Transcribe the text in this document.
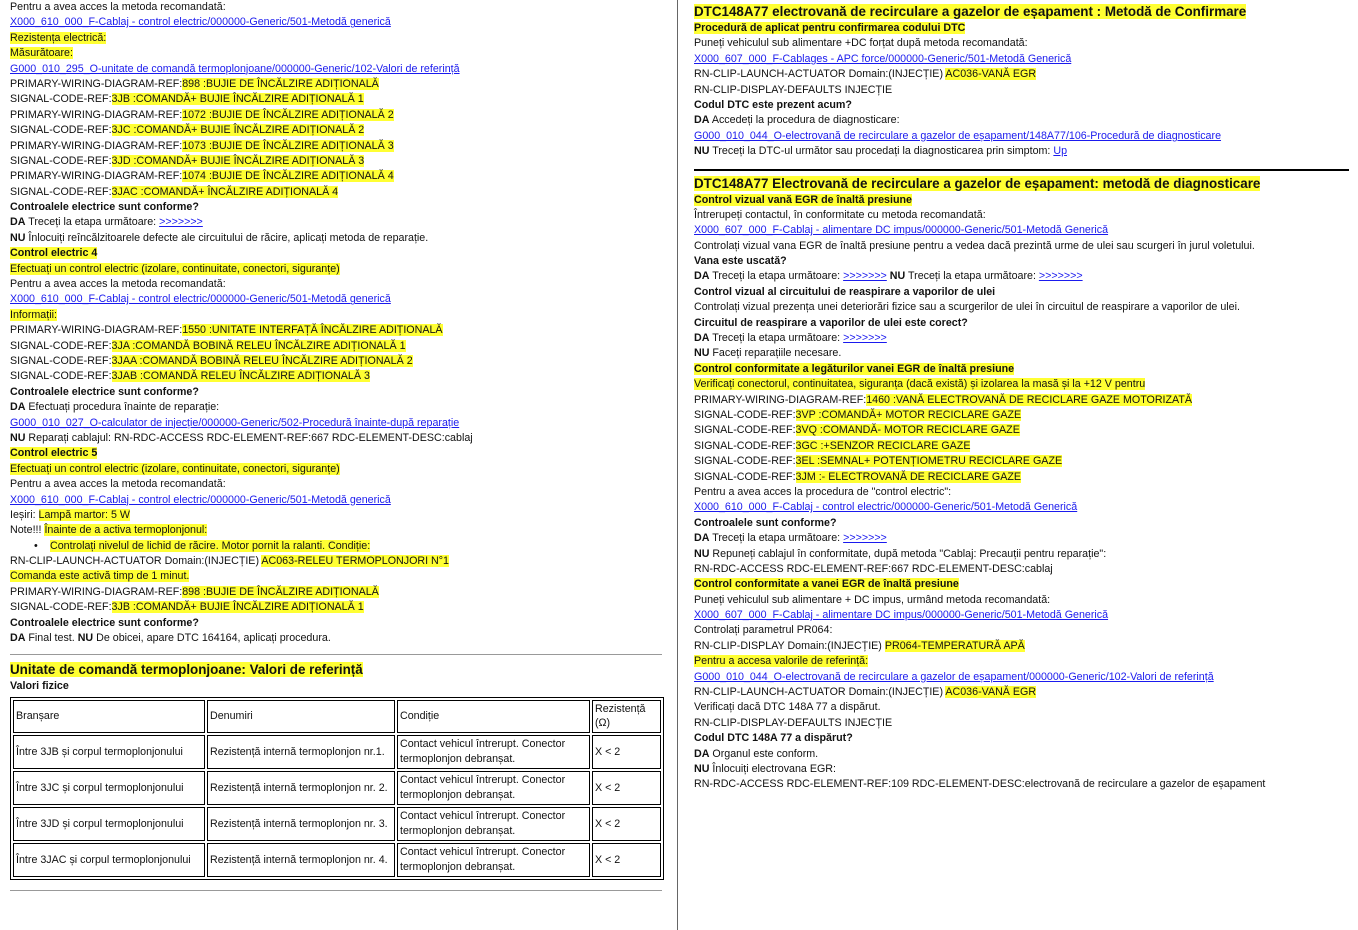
Pentru a avea acces la metoda recomandată:
X000_610_000_F-Cablaj - control electric/000000-Generic/501-Metodă generică
Rezistența electrică:
Măsurătoare:
G000_010_295_O-unitate de comandă termoplonjoane/000000-Generic/102-Valori de referință
PRIMARY-WIRING-DIAGRAM-REF:898 :BUJIE DE ÎNCĂLZIRE ADIȚIONALĂ
SIGNAL-CODE-REF:3JB :COMANDĂ+ BUJIE ÎNCĂLZIRE ADIȚIONALĂ 1
PRIMARY-WIRING-DIAGRAM-REF:1072 :BUJIE DE ÎNCĂLZIRE ADIȚIONALĂ 2
SIGNAL-CODE-REF:3JC :COMANDĂ+ BUJIE ÎNCĂLZIRE ADIȚIONALĂ 2
PRIMARY-WIRING-DIAGRAM-REF:1073 :BUJIE DE ÎNCĂLZIRE ADIȚIONALĂ 3
SIGNAL-CODE-REF:3JD :COMANDĂ+ BUJIE ÎNCĂLZIRE ADIȚIONALĂ 3
PRIMARY-WIRING-DIAGRAM-REF:1074 :BUJIE DE ÎNCĂLZIRE ADIȚIONALĂ 4
SIGNAL-CODE-REF:3JAC :COMANDĂ+ ÎNCĂLZIRE ADIȚIONALĂ 4
Controalele electrice sunt conforme?
DA Treceți la etapa următoare: >>>>>>>
NU Înlocuiți reîncălzitoarele defecte ale circuitului de răcire, aplicați metoda de reparație.
Control electric 4
Efectuați un control electric (izolare, continuitate, conectori, siguranțe)
Pentru a avea acces la metoda recomandată:
X000_610_000_F-Cablaj - control electric/000000-Generic/501-Metodă generică
Informații:
PRIMARY-WIRING-DIAGRAM-REF:1550 :UNITATE INTERFAȚĂ ÎNCĂLZIRE ADIȚIONALĂ
SIGNAL-CODE-REF:3JA :COMANDĂ BOBINĂ RELEU ÎNCĂLZIRE ADIȚIONALĂ 1
SIGNAL-CODE-REF:3JAA :COMANDĂ BOBINĂ RELEU ÎNCĂLZIRE ADIȚIONALĂ 2
SIGNAL-CODE-REF:3JAB :COMANDĂ RELEU ÎNCĂLZIRE ADIȚIONALĂ 3
Controalele electrice sunt conforme?
DA Efectuați procedura înainte de reparație:
G000_010_027_O-calculator de injecție/000000-Generic/502-Procedură înainte-după reparație
NU Reparați cablajul: RN-RDC-ACCESS RDC-ELEMENT-REF:667 RDC-ELEMENT-DESC:cablaj
Control electric 5
Efectuați un control electric (izolare, continuitate, conectori, siguranțe)
Pentru a avea acces la metoda recomandată:
X000_610_000_F-Cablaj - control electric/000000-Generic/501-Metodă generică
Ieșiri: Lampă martor: 5 W
Note!!! Înainte de a activa termoplonjonul:
• Controlați nivelul de lichid de răcire. Motor pornit la ralanti. Condiție:
RN-CLIP-LAUNCH-ACTUATOR Domain:(INJECȚIE) AC063-RELEU TERMOPLONJORI N°1
Comanda este activă timp de 1 minut.
PRIMARY-WIRING-DIAGRAM-REF:898 :BUJIE DE ÎNCĂLZIRE ADIȚIONALĂ
SIGNAL-CODE-REF:3JB :COMANDĂ+ BUJIE ÎNCĂLZIRE ADIȚIONALĂ 1
Controalele electrice sunt conforme?
DA Final test. NU De obicei, apare DTC 164164, aplicați procedura.
Unitate de comandă termoplonjoane: Valori de referință
Valori fizice
Branșare	Denumiri	Condiție	Rezistență (Ω)
Între 3JB și corpul termoplonjonului	Rezistență internă termoplonjon nr.1.	Contact vehicul întrerupt. Conector termoplonjon debranșat.	X < 2
Între 3JC și corpul termoplonjonului	Rezistență internă termoplonjon nr. 2.	Contact vehicul întrerupt. Conector termoplonjon debranșat.	X < 2
Între 3JD și corpul termoplonjonului	Rezistență internă termoplonjon nr. 3.	Contact vehicul întrerupt. Conector termoplonjon debranșat.	X < 2
Între 3JAC și corpul termoplonjonului	Rezistență internă termoplonjon nr. 4.	Contact vehicul întrerupt. Conector termoplonjon debranșat.	X < 2
DTC148A77 electrovană de recirculare a gazelor de eșapament : Metodă de Confirmare
Procedură de aplicat pentru confirmarea codului DTC
Puneți vehiculul sub alimentare +DC forțat după metoda recomandată:
X000_607_000_F-Cablages - APC force/000000-Generic/501-Metodă Generică
RN-CLIP-LAUNCH-ACTUATOR Domain:(INJECȚIE) AC036-VANĂ EGR
RN-CLIP-DISPLAY-DEFAULTS INJECȚIE
Codul DTC este prezent acum?
DA Accedeți la procedura de diagnosticare:
G000_010_044_O-electrovană de recirculare a gazelor de eșapament/148A77/106-Procedură de diagnosticare
NU Treceți la DTC-ul următor sau procedați la diagnosticarea prin simptom: Up
DTC148A77 Electrovană de recirculare a gazelor de eșapament: metodă de diagnosticare
Control vizual vană EGR de înaltă presiune
Întrerupeți contactul, în conformitate cu metoda recomandată:
X000_607_000_F-Cablaj - alimentare DC impus/000000-Generic/501-Metodă Generică
Controlați vizual vana EGR de înaltă presiune pentru a vedea dacă prezintă urme de ulei sau scurgeri în jurul voletului.
Vana este uscată?
DA Treceți la etapa următoare: >>>>>>> NU Treceți la etapa următoare: >>>>>>>
Control vizual al circuitului de reaspirare a vaporilor de ulei
Controlați vizual prezența unei deteriorări fizice sau a scurgerilor de ulei în circuitul de reaspirare a vaporilor de ulei.
Circuitul de reaspirare a vaporilor de ulei este corect?
DA Treceți la etapa următoare: >>>>>>>
NU Faceți reparațiile necesare.
Control conformitate a legăturilor vanei EGR de înaltă presiune
Verificați conectorul, continuitatea, siguranța (dacă există) și izolarea la masă și la +12 V pentru
PRIMARY-WIRING-DIAGRAM-REF:1460 :VANĂ ELECTROVANĂ DE RECICLARE GAZE MOTORIZATĂ
SIGNAL-CODE-REF:3VP :COMANDĂ+ MOTOR RECICLARE GAZE
SIGNAL-CODE-REF:3VQ :COMANDĂ- MOTOR RECICLARE GAZE
SIGNAL-CODE-REF:3GC :+SENZOR RECICLARE GAZE
SIGNAL-CODE-REF:3EL :SEMNAL+ POTENȚIOMETRU RECICLARE GAZE
SIGNAL-CODE-REF:3JM :- ELECTROVANĂ DE RECICLARE GAZE
Pentru a avea acces la procedura de "control electric":
X000_610_000_F-Cablaj - control electric/000000-Generic/501-Metodă Generică
Controalele sunt conforme?
DA Treceți la etapa următoare: >>>>>>>
NU Repuneți cablajul în conformitate, după metoda "Cablaj: Precauții pentru reparație":
RN-RDC-ACCESS RDC-ELEMENT-REF:667 RDC-ELEMENT-DESC:cablaj
Control conformitate a vanei EGR de înaltă presiune
Puneți vehiculul sub alimentare + DC impus, urmând metoda recomandată:
X000_607_000_F-Cablaj - alimentare DC impus/000000-Generic/501-Metodă Generică
Controlați parametrul PR064:
RN-CLIP-DISPLAY Domain:(INJECȚIE) PR064-TEMPERATURĂ APĂ
Pentru a accesa valorile de referință:
G000_010_044_O-electrovană de recirculare a gazelor de eșapament/000000-Generic/102-Valori de referință
RN-CLIP-LAUNCH-ACTUATOR Domain:(INJECȚIE) AC036-VANĂ EGR
Verificați dacă DTC 148A 77 a dispărut.
RN-CLIP-DISPLAY-DEFAULTS INJECȚIE
Codul DTC 148A 77 a dispărut?
DA Organul este conform.
NU Înlocuiți electrovana EGR:
RN-RDC-ACCESS RDC-ELEMENT-REF:109 RDC-ELEMENT-DESC:electrovană de recirculare a gazelor de eșapament
